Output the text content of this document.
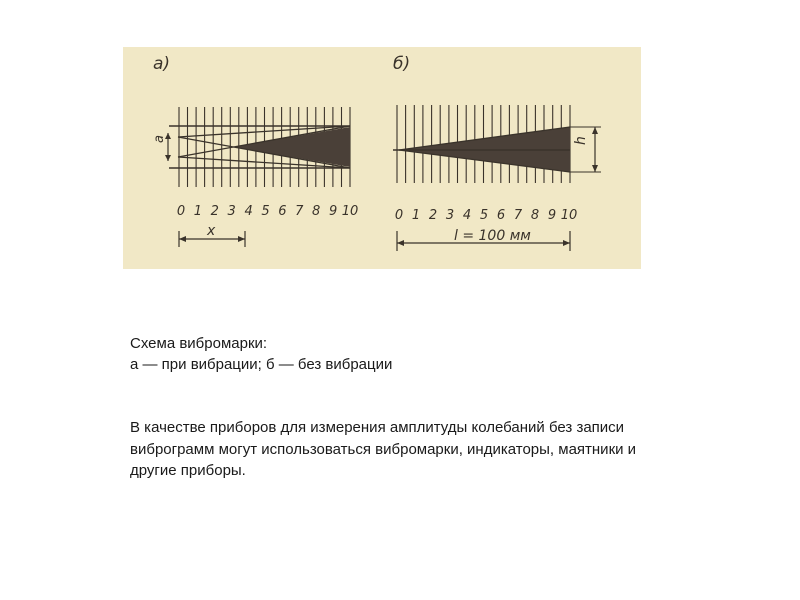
а)	б)
a
0 1 2 3 4 5 6 7 8 9 10
x
h
0 1 2 3 4 5 6 7 8 9 10
l = 100 мм

Схема вибромарки:

а — при вибрации; б — без вибрации

В качестве приборов для измерения амплитуды колебаний без записи виброграмм могут использоваться вибромарки, индикаторы, маятники и другие приборы.
